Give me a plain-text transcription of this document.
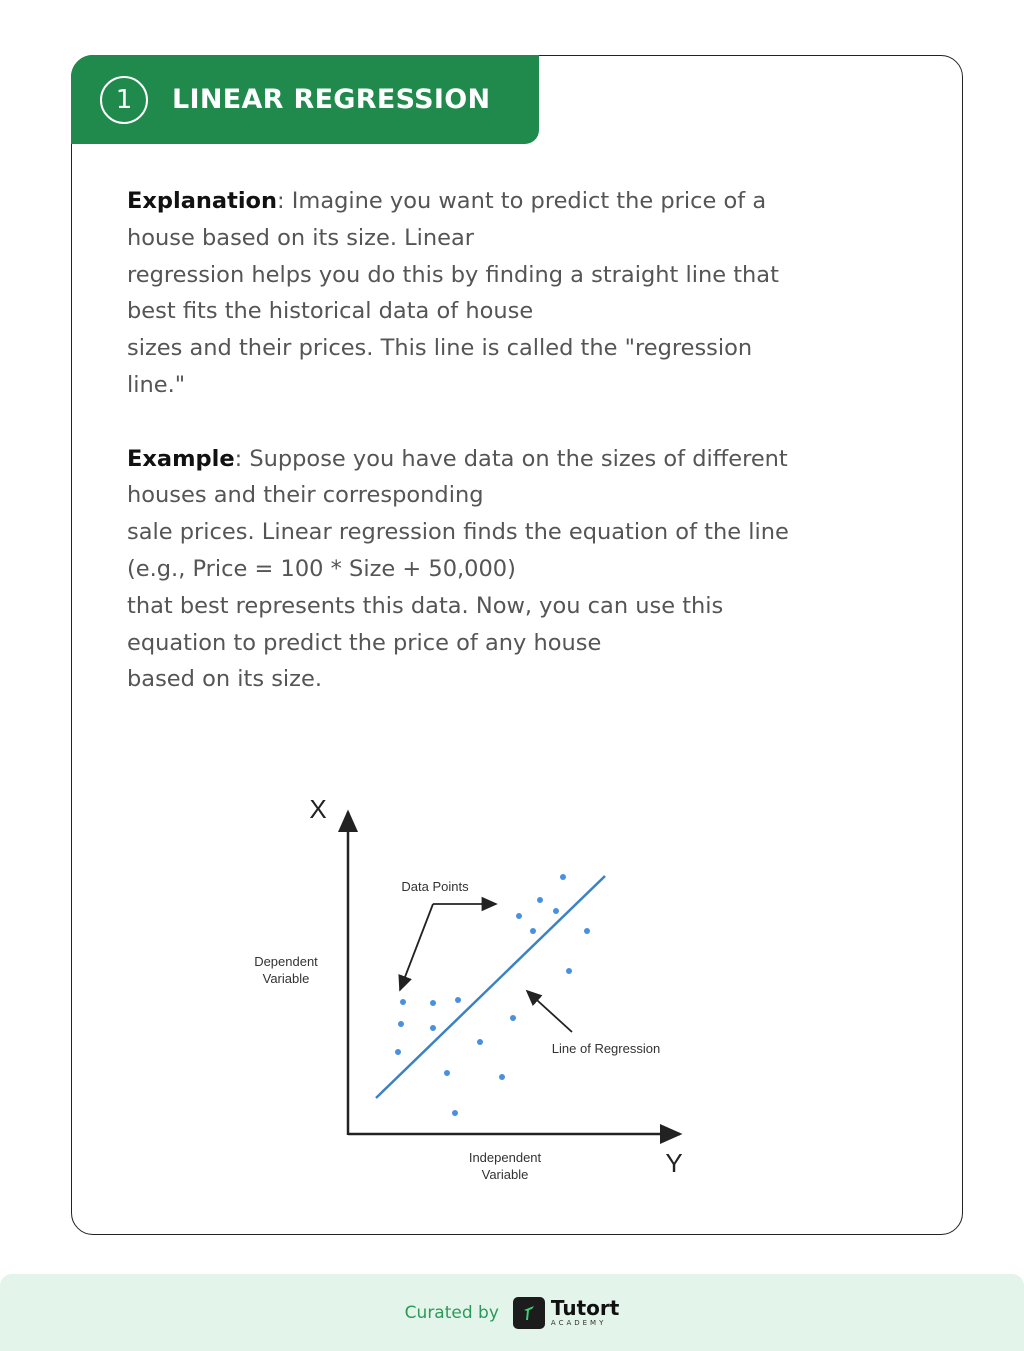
1	LINEAR REGRESSION

Explanation: Imagine you want to predict the price of a
house based on its size. Linear
regression helps you do this by finding a straight line that
best fits the historical data of house
sizes and their prices. This line is called the "regression
line."

Example: Suppose you have data on the sizes of different
houses and their corresponding
sale prices. Linear regression finds the equation of the line
(e.g., Price = 100 * Size + 50,000)
that best represents this data. Now, you can use this
equation to predict the price of any house
based on its size.

X
Y
Dependent
Variable
Independent
Variable
Data Points
Line of Regression
Curated by	Tutort
ACADEMY
